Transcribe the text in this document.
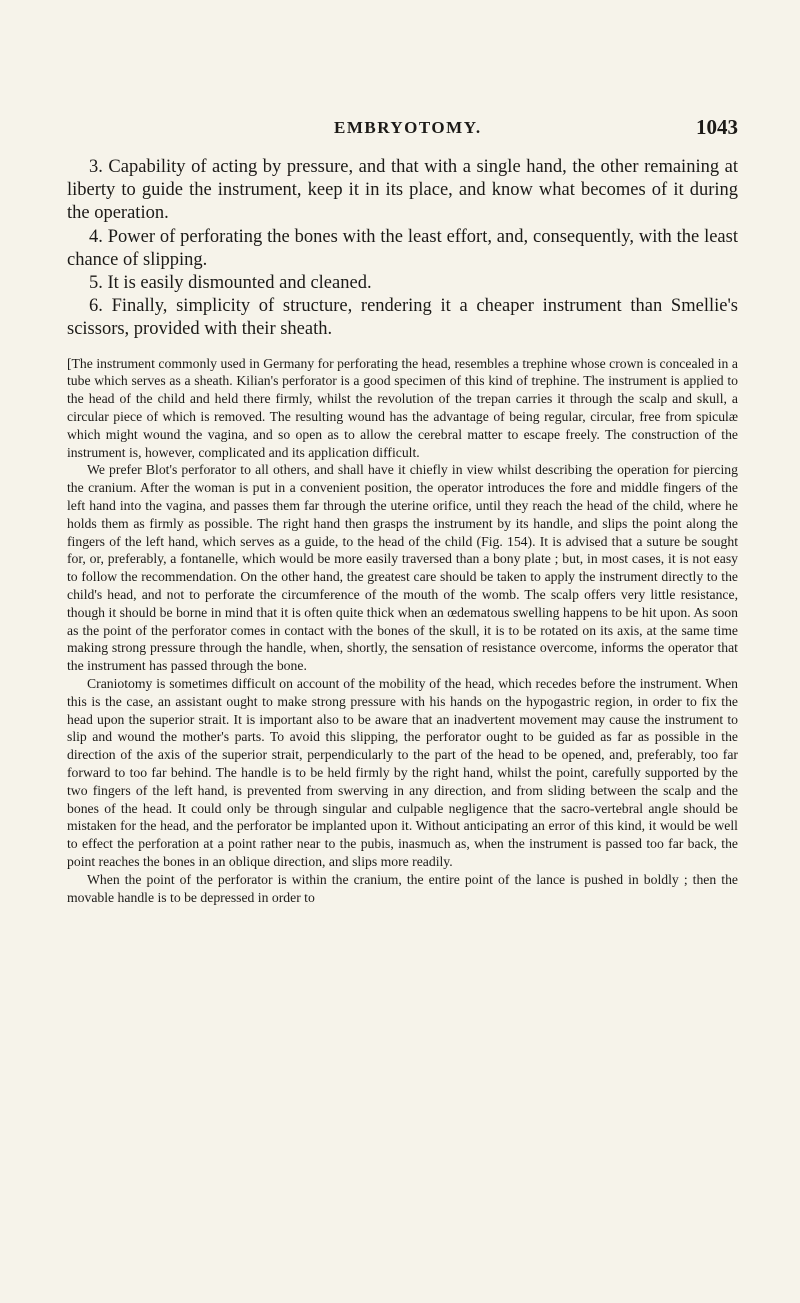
EMBRYOTOMY.	1043

3. Capability of acting by pressure, and that with a single hand, the other remaining at liberty to guide the instrument, keep it in its place, and know what becomes of it during the operation.

4. Power of perforating the bones with the least effort, and, consequently, with the least chance of slipping.

5. It is easily dismounted and cleaned.

6. Finally, simplicity of structure, rendering it a cheaper instrument than Smellie's scissors, provided with their sheath.

[The instrument commonly used in Germany for perforating the head, resembles a trephine whose crown is concealed in a tube which serves as a sheath. Kilian's perforator is a good specimen of this kind of trephine. The instrument is applied to the head of the child and held there firmly, whilst the revolution of the trepan carries it through the scalp and skull, a circular piece of which is removed. The resulting wound has the advantage of being regular, circular, free from spiculæ which might wound the vagina, and so open as to allow the cerebral matter to escape freely. The construction of the instrument is, however, complicated and its application difficult.

We prefer Blot's perforator to all others, and shall have it chiefly in view whilst describing the operation for piercing the cranium. After the woman is put in a convenient position, the operator introduces the fore and middle fingers of the left hand into the vagina, and passes them far through the uterine orifice, until they reach the head of the child, where he holds them as firmly as possible. The right hand then grasps the instrument by its handle, and slips the point along the fingers of the left hand, which serves as a guide, to the head of the child (Fig. 154). It is advised that a suture be sought for, or, preferably, a fontanelle, which would be more easily traversed than a bony plate ; but, in most cases, it is not easy to follow the recommendation. On the other hand, the greatest care should be taken to apply the instrument directly to the child's head, and not to perforate the circumference of the mouth of the womb. The scalp offers very little resistance, though it should be borne in mind that it is often quite thick when an œdematous swelling happens to be hit upon. As soon as the point of the perforator comes in contact with the bones of the skull, it is to be rotated on its axis, at the same time making strong pressure through the handle, when, shortly, the sensation of resistance overcome, informs the operator that the instrument has passed through the bone.

Craniotomy is sometimes difficult on account of the mobility of the head, which recedes before the instrument. When this is the case, an assistant ought to make strong pressure with his hands on the hypogastric region, in order to fix the head upon the superior strait. It is important also to be aware that an inadvertent movement may cause the instrument to slip and wound the mother's parts. To avoid this slipping, the perforator ought to be guided as far as possible in the direction of the axis of the superior strait, perpendicularly to the part of the head to be opened, and, preferably, too far forward to too far behind. The handle is to be held firmly by the right hand, whilst the point, carefully supported by the two fingers of the left hand, is prevented from swerving in any direction, and from sliding between the scalp and the bones of the head. It could only be through singular and culpable negligence that the sacro-vertebral angle should be mistaken for the head, and the perforator be implanted upon it. Without anticipating an error of this kind, it would be well to effect the perforation at a point rather near to the pubis, inasmuch as, when the instrument is passed too far back, the point reaches the bones in an oblique direction, and slips more readily.

When the point of the perforator is within the cranium, the entire point of the lance is pushed in boldly ; then the movable handle is to be depressed in order to
